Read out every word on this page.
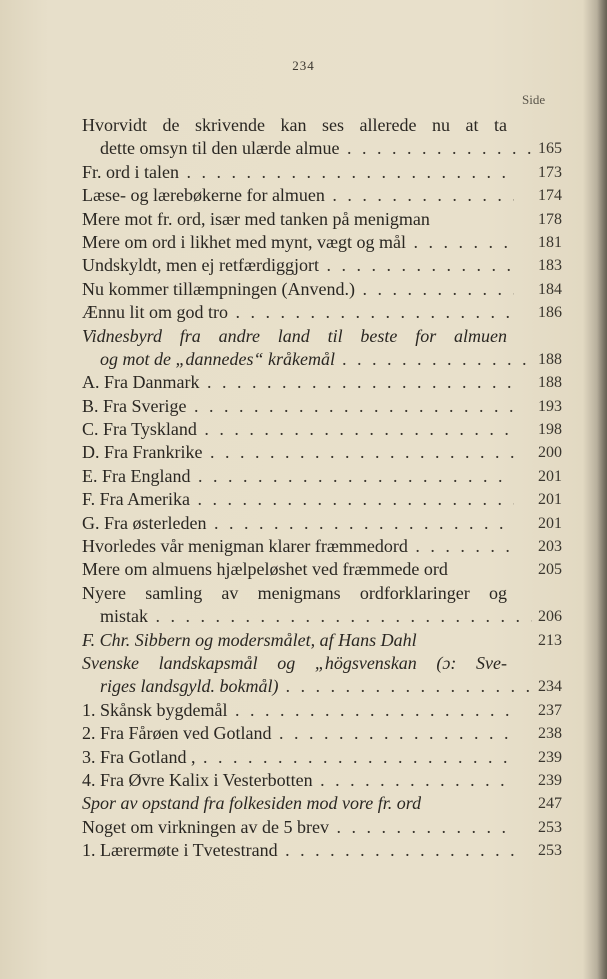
234
Side
Hvorvidt de skrivende kan ses allerede nu at ta
dette omsyn til den ulærde almue . . .	165
Fr. ord i talen . . .	173
Læse- og lærebøkerne for almuen . . .	174
Mere mot fr. ord, især med tanken på menigman	178
Mere om ord i likhet med mynt, vægt og mål . . .	181
Undskyldt, men ej retfærdiggjort . . .	183
Nu kommer tillæmpningen (Anvend.) . . .	184
Ænnu lit om god tro . . .	186
Vidnesbyrd fra andre land til beste for almuen
og mot de „dannedes“ kråkemål . . .	188
A. Fra Danmark . . .	188
B. Fra Sverige . . .	193
C. Fra Tyskland . . .	198
D. Fra Frankrike . . .	200
E. Fra England . . .	201
F. Fra Amerika . . .	201
G. Fra østerleden . . .	201
Hvorledes vår menigman klarer fræmmedord . . .	203
Mere om almuens hjælpeløshet ved fræmmede ord	205
Nyere samling av menigmans ordforklaringer og
mistak . . .	206
F. Chr. Sibbern og modersmålet, af Hans Dahl	213
Svenske landskapsmål og „högsvenskan (ɔ: Sve-
riges landsgyld. bokmål) . . .	234
1. Skånsk bygdemål . . .	237
2. Fra Fårøen ved Gotland . . .	238
3. Fra Gotland , . . .	239
4. Fra Øvre Kalix i Vesterbotten . . .	239
Spor av opstand fra folkesiden mod vore fr. ord	247
Noget om virkningen av de 5 brev . . .	253
1. Lærermøte i Tvetestrand . . .	253
